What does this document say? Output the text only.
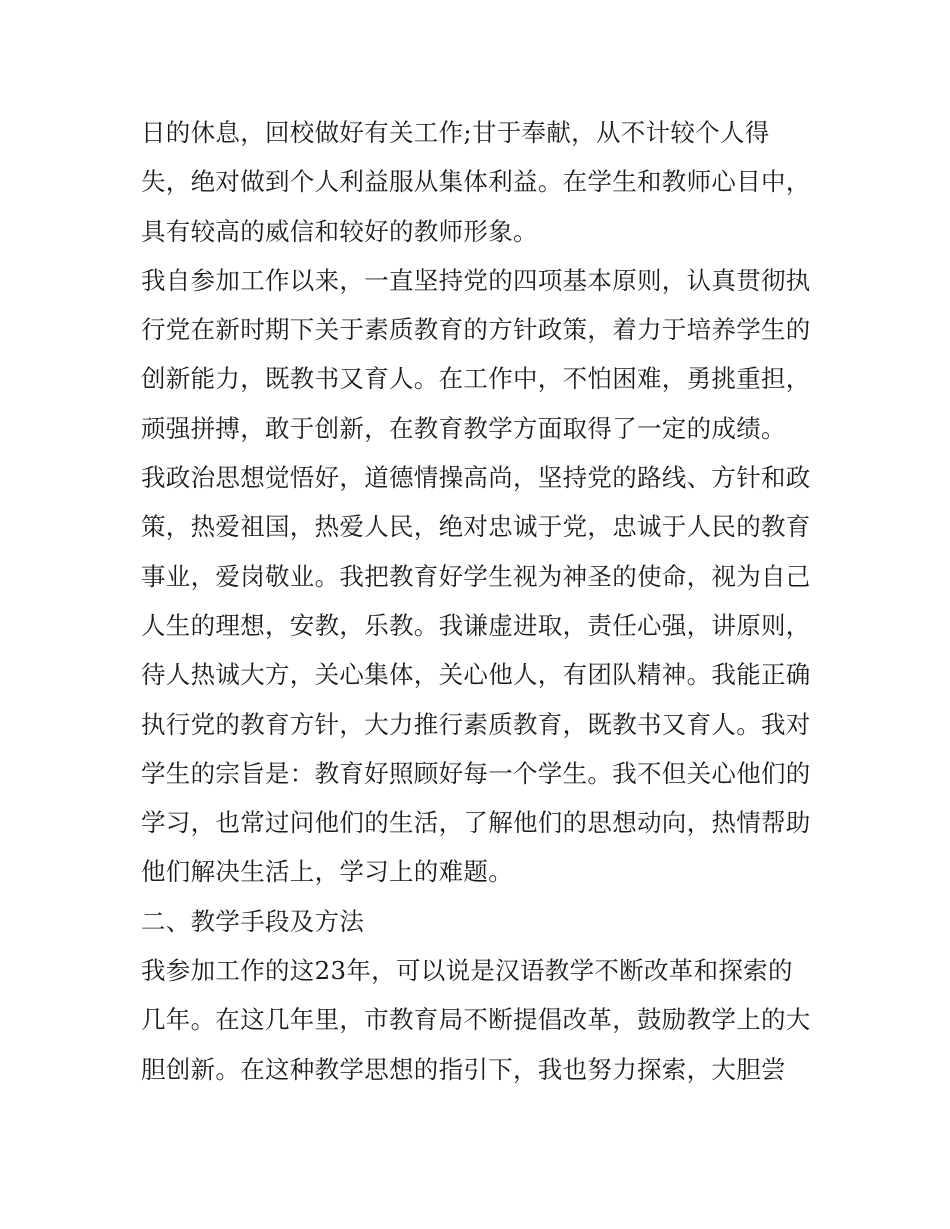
日的休息，回校做好有关工作;甘于奉献，从不计较个人得
失，绝对做到个人利益服从集体利益。在学生和教师心目中，
具有较高的威信和较好的教师形象。
我自参加工作以来，一直坚持党的四项基本原则，认真贯彻执
行党在新时期下关于素质教育的方针政策，着力于培养学生的
创新能力，既教书又育人。在工作中，不怕困难，勇挑重担，
顽强拼搏，敢于创新，在教育教学方面取得了一定的成绩。
我政治思想觉悟好，道德情操高尚，坚持党的路线、方针和政
策，热爱祖国，热爱人民，绝对忠诚于党，忠诚于人民的教育
事业，爱岗敬业。我把教育好学生视为神圣的使命，视为自己
人生的理想，安教，乐教。我谦虚进取，责任心强，讲原则，
待人热诚大方，关心集体，关心他人，有团队精神。我能正确
执行党的教育方针，大力推行素质教育，既教书又育人。我对
学生的宗旨是：教育好照顾好每一个学生。我不但关心他们的
学习，也常过问他们的生活，了解他们的思想动向，热情帮助
他们解决生活上，学习上的难题。
二、教学手段及方法
我参加工作的这23年，可以说是汉语教学不断改革和探索的
几年。在这几年里，市教育局不断提倡改革，鼓励教学上的大
胆创新。在这种教学思想的指引下，我也努力探索，大胆尝
